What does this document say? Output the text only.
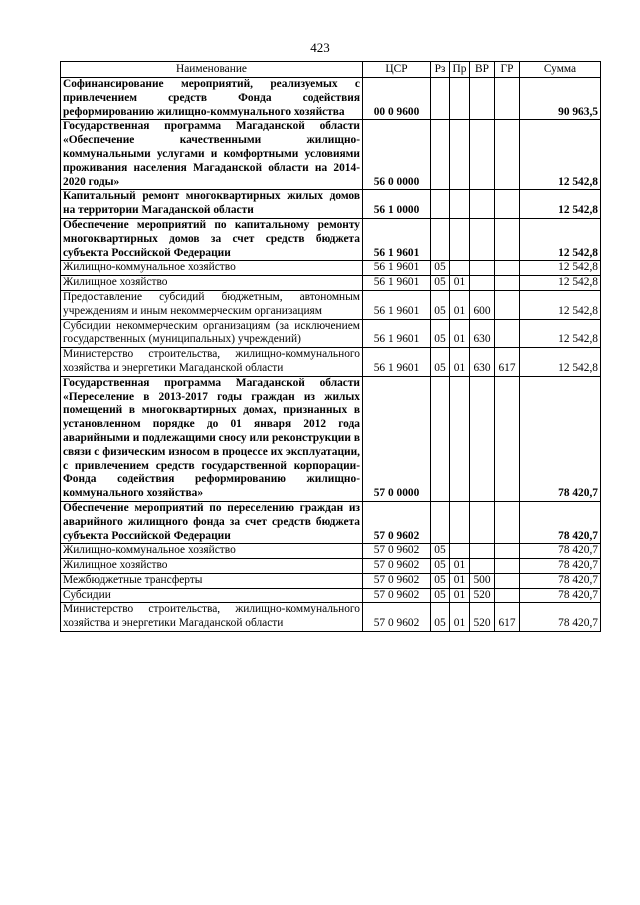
423
Наименование	ЦСР	Рз	Пр	ВР	ГР	Сумма
Софинансирование мероприятий, реализуемых с привлечением средств Фонда содействия реформированию жилищно-коммунального хозяйства	00 0 9600					90 963,5
Государственная программа Магаданской области «Обеспечение качественными жилищно-коммунальными услугами и комфортными условиями проживания населения Магаданской области на 2014-2020 годы»	56 0 0000					12 542,8
Капитальный ремонт многоквартирных жилых домов на территории Магаданской области	56 1 0000					12 542,8
Обеспечение мероприятий по капитальному ремонту многоквартирных домов за счет средств бюджета субъекта Российской Федерации	56 1 9601					12 542,8
Жилищно-коммунальное хозяйство	56 1 9601	05				12 542,8
Жилищное хозяйство	56 1 9601	05	01			12 542,8
Предоставление субсидий бюджетным, автономным учреждениям и иным некоммерческим организациям	56 1 9601	05	01	600		12 542,8
Субсидии некоммерческим организациям (за исключением государственных (муниципальных) учреждений)	56 1 9601	05	01	630		12 542,8
Министерство строительства, жилищно-коммунального хозяйства и энергетики Магаданской области	56 1 9601	05	01	630	617	12 542,8
Государственная программа Магаданской области «Переселение в 2013-2017 годы граждан из жилых помещений в многоквартирных домах, признанных в установленном порядке до 01 января 2012 года аварийными и подлежащими сносу или реконструкции в связи с физическим износом в процессе их эксплуатации, с привлечением средств государственной корпорации-Фонда содействия реформированию жилищно-коммунального хозяйства»	57 0 0000					78 420,7
Обеспечение мероприятий по переселению граждан из аварийного жилищного фонда за счет средств бюджета субъекта Российской Федерации	57 0 9602					78 420,7
Жилищно-коммунальное хозяйство	57 0 9602	05				78 420,7
Жилищное хозяйство	57 0 9602	05	01			78 420,7
Межбюджетные трансферты	57 0 9602	05	01	500		78 420,7
Субсидии	57 0 9602	05	01	520		78 420,7
Министерство строительства, жилищно-коммунального хозяйства и энергетики Магаданской области	57 0 9602	05	01	520	617	78 420,7
